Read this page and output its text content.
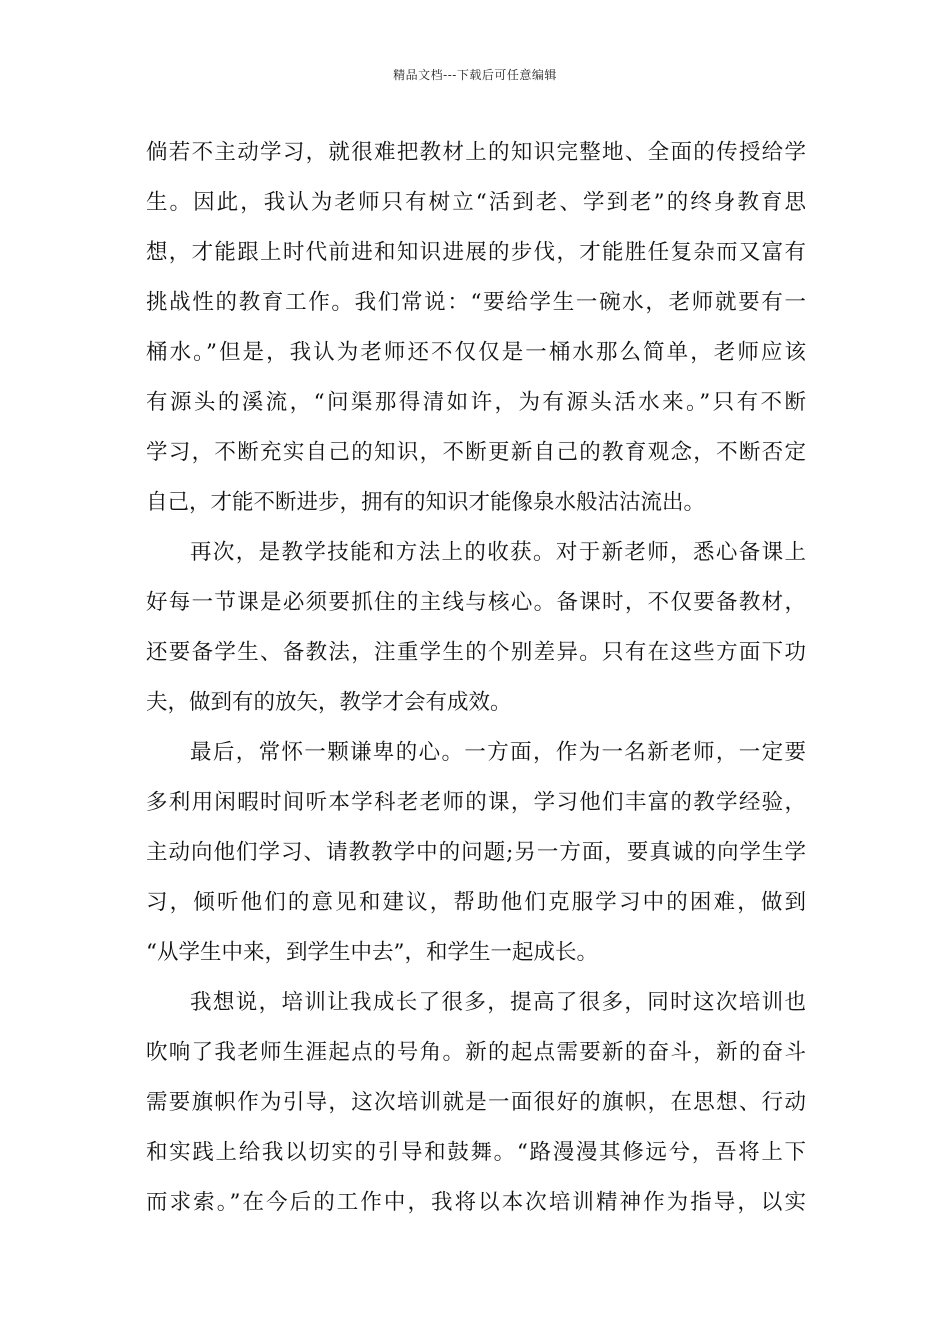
精品文档---下载后可任意编辑
倘若不主动学习，就很难把教材上的知识完整地、全面的传授给学
生。因此，我认为老师只有树立“活到老、学到老”的终身教育思
想，才能跟上时代前进和知识进展的步伐，才能胜任复杂而又富有
挑战性的教育工作。我们常说：“要给学生一碗水，老师就要有一
桶水。”但是，我认为老师还不仅仅是一桶水那么简单，老师应该
有源头的溪流，“问渠那得清如许，为有源头活水来。”只有不断
学习，不断充实自己的知识，不断更新自己的教育观念，不断否定
自己，才能不断进步，拥有的知识才能像泉水般沽沽流出。
再次，是教学技能和方法上的收获。对于新老师，悉心备课上
好每一节课是必须要抓住的主线与核心。备课时，不仅要备教材，
还要备学生、备教法，注重学生的个别差异。只有在这些方面下功
夫，做到有的放矢，教学才会有成效。
最后，常怀一颗谦卑的心。一方面，作为一名新老师，一定要
多利用闲暇时间听本学科老老师的课，学习他们丰富的教学经验，
主动向他们学习、请教教学中的问题;另一方面，要真诚的向学生学
习，倾听他们的意见和建议，帮助他们克服学习中的困难，做到
“从学生中来，到学生中去”，和学生一起成长。
我想说，培训让我成长了很多，提高了很多，同时这次培训也
吹响了我老师生涯起点的号角。新的起点需要新的奋斗，新的奋斗
需要旗帜作为引导，这次培训就是一面很好的旗帜，在思想、行动
和实践上给我以切实的引导和鼓舞。“路漫漫其修远兮，吾将上下
而求索。”在今后的工作中，我将以本次培训精神作为指导，以实
